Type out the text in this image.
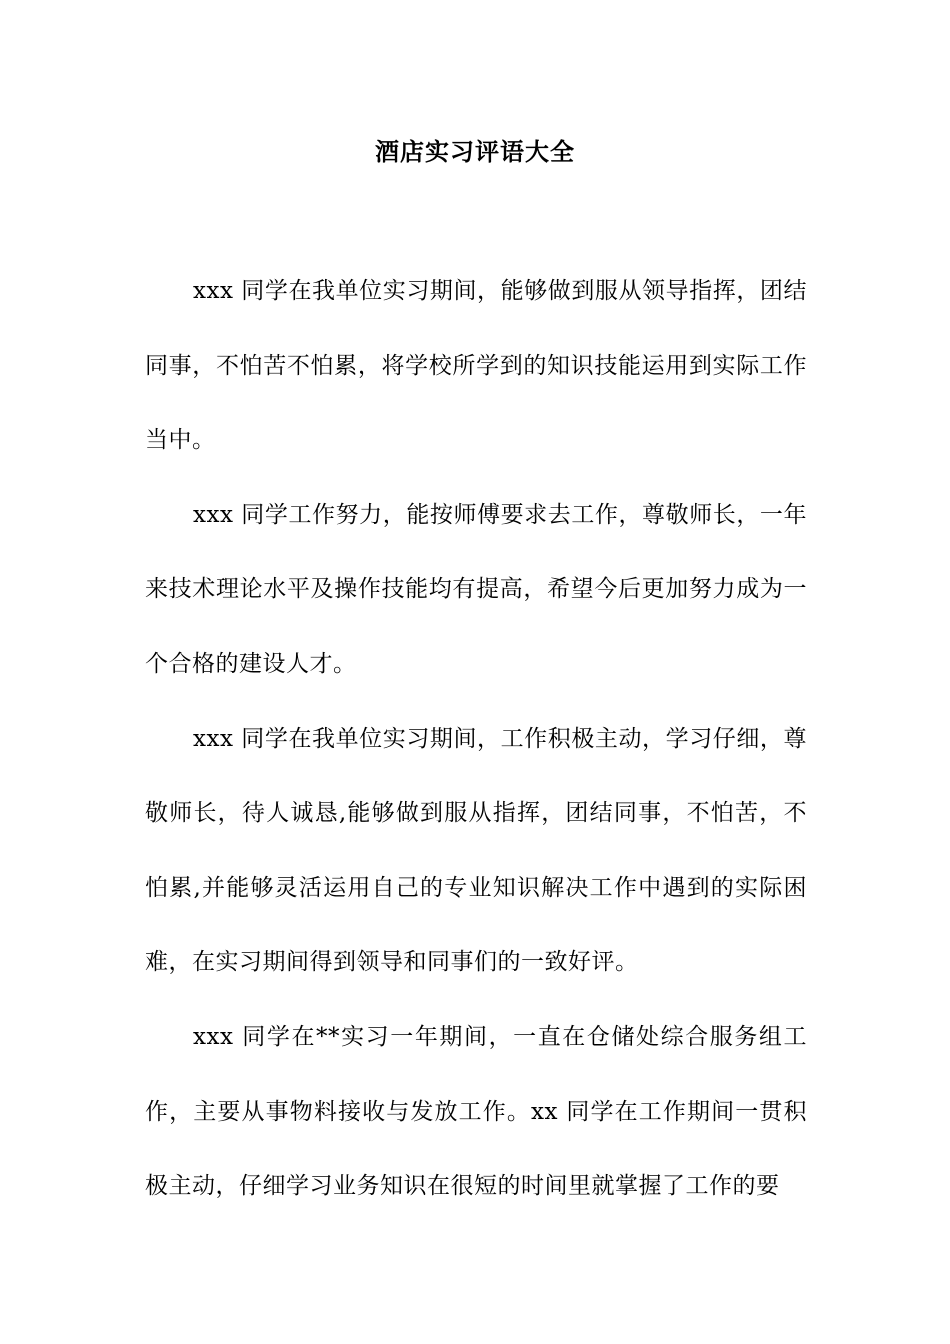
酒店实习评语大全

xxx 同学在我单位实习期间，能够做到服从领导指挥，团结同事，不怕苦不怕累，将学校所学到的知识技能运用到实际工作当中。

xxx 同学工作努力，能按师傅要求去工作，尊敬师长，一年来技术理论水平及操作技能均有提高，希望今后更加努力成为一个合格的建设人才。

xxx 同学在我单位实习期间，工作积极主动，学习仔细，尊敬师长，待人诚恳,能够做到服从指挥，团结同事，不怕苦，不怕累,并能够灵活运用自己的专业知识解决工作中遇到的实际困难，在实习期间得到领导和同事们的一致好评。

xxx 同学在**实习一年期间，一直在仓储处综合服务组工作，主要从事物料接收与发放工作。xx 同学在工作期间一贯积极主动，仔细学习业务知识在很短的时间里就掌握了工作的要
